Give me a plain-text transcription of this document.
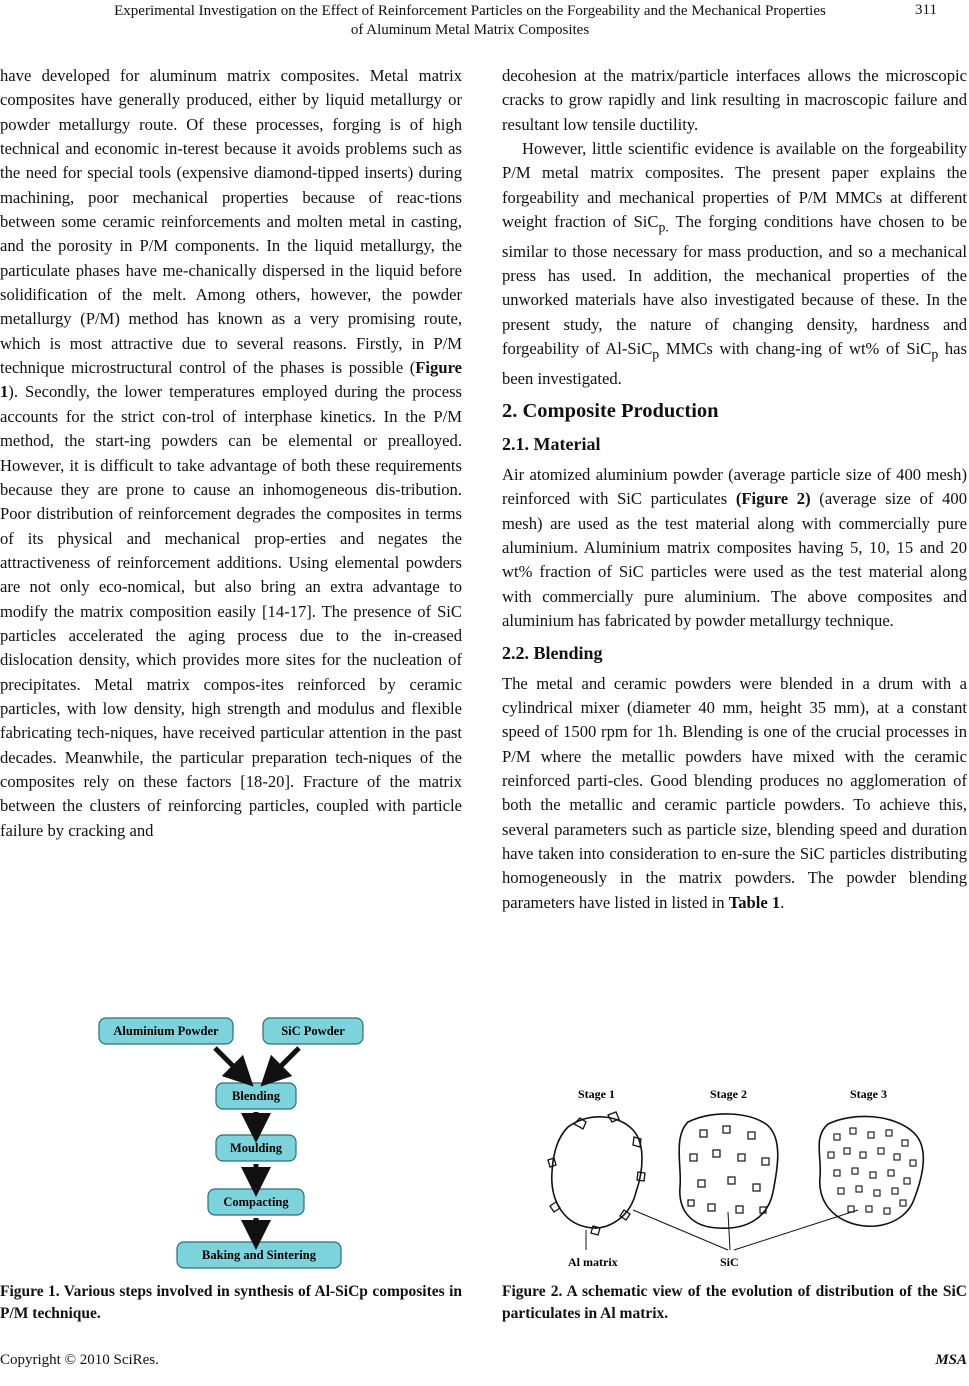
Experimental Investigation on the Effect of Reinforcement Particles on the Forgeability and the Mechanical Properties
of Aluminum Metal Matrix Composites
311

have developed for aluminum matrix composites. Metal matrix composites have generally produced, either by liquid metallurgy or powder metallurgy route. Of these processes, forging is of high technical and economic in-terest because it avoids problems such as the need for special tools (expensive diamond-tipped inserts) during machining, poor mechanical properties because of reac-tions between some ceramic reinforcements and molten metal in casting, and the porosity in P/M components. In the liquid metallurgy, the particulate phases have me-chanically dispersed in the liquid before solidification of the melt. Among others, however, the powder metallurgy (P/M) method has known as a very promising route, which is most attractive due to several reasons. Firstly, in P/M technique microstructural control of the phases is possible (Figure 1). Secondly, the lower temperatures employed during the process accounts for the strict con-trol of interphase kinetics. In the P/M method, the start-ing powders can be elemental or prealloyed. However, it is difficult to take advantage of both these requirements because they are prone to cause an inhomogeneous dis-tribution. Poor distribution of reinforcement degrades the composites in terms of its physical and mechanical prop-erties and negates the attractiveness of reinforcement additions. Using elemental powders are not only eco-nomical, but also bring an extra advantage to modify the matrix composition easily [14-17]. The presence of SiC particles accelerated the aging process due to the in-creased dislocation density, which provides more sites for the nucleation of precipitates. Metal matrix compos-ites reinforced by ceramic particles, with low density, high strength and modulus and flexible fabricating tech-niques, have received particular attention in the past decades. Meanwhile, the particular preparation tech-niques of the composites rely on these factors [18-20]. Fracture of the matrix between the clusters of reinforcing particles, coupled with particle failure by cracking and

decohesion at the matrix/particle interfaces allows the microscopic cracks to grow rapidly and link resulting in macroscopic failure and resultant low tensile ductility.

However, little scientific evidence is available on the forgeability P/M metal matrix composites. The present paper explains the forgeability and mechanical properties of P/M MMCs at different weight fraction of SiC$_{p.}$ The forging conditions have chosen to be similar to those necessary for mass production, and so a mechanical press has used. In addition, the mechanical properties of the unworked materials have also investigated because of these. In the present study, the nature of changing density, hardness and forgeability of Al-SiC$_p$ MMCs with chang-ing of wt% of SiC$_p$ has been investigated.

2. Composite Production
2.1. Material

Air atomized aluminium powder (average particle size of 400 mesh) reinforced with SiC particulates (Figure 2) (average size of 400 mesh) are used as the test material along with commercially pure aluminium. Aluminium matrix composites having 5, 10, 15 and 20 wt% fraction of SiC particles were used as the test material along with commercially pure aluminium. The above composites and aluminium has fabricated by powder metallurgy technique.

2.2. Blending

The metal and ceramic powders were blended in a drum with a cylindrical mixer (diameter 40 mm, height 35 mm), at a constant speed of 1500 rpm for 1h. Blending is one of the crucial processes in P/M where the metallic powders have mixed with the ceramic reinforced parti-cles. Good blending produces no agglomeration of both the metallic and ceramic particle powders. To achieve this, several parameters such as particle size, blending speed and duration have taken into consideration to en-sure the SiC particles distributing homogeneously in the matrix powders. The powder blending parameters have listed in listed in Table 1.

Aluminium Powder	SiC Powder
Blending
Moulding
Compacting
Baking and Sintering
Stage 1	Stage 2	Stage 3
Al matrix	SiC
Figure 1. Various steps involved in synthesis of Al-SiCp composites in P/M technique.
Figure 2. A schematic view of the evolution of distribution of the SiC particulates in Al matrix.
Copyright © 2010 SciRes.	MSA
